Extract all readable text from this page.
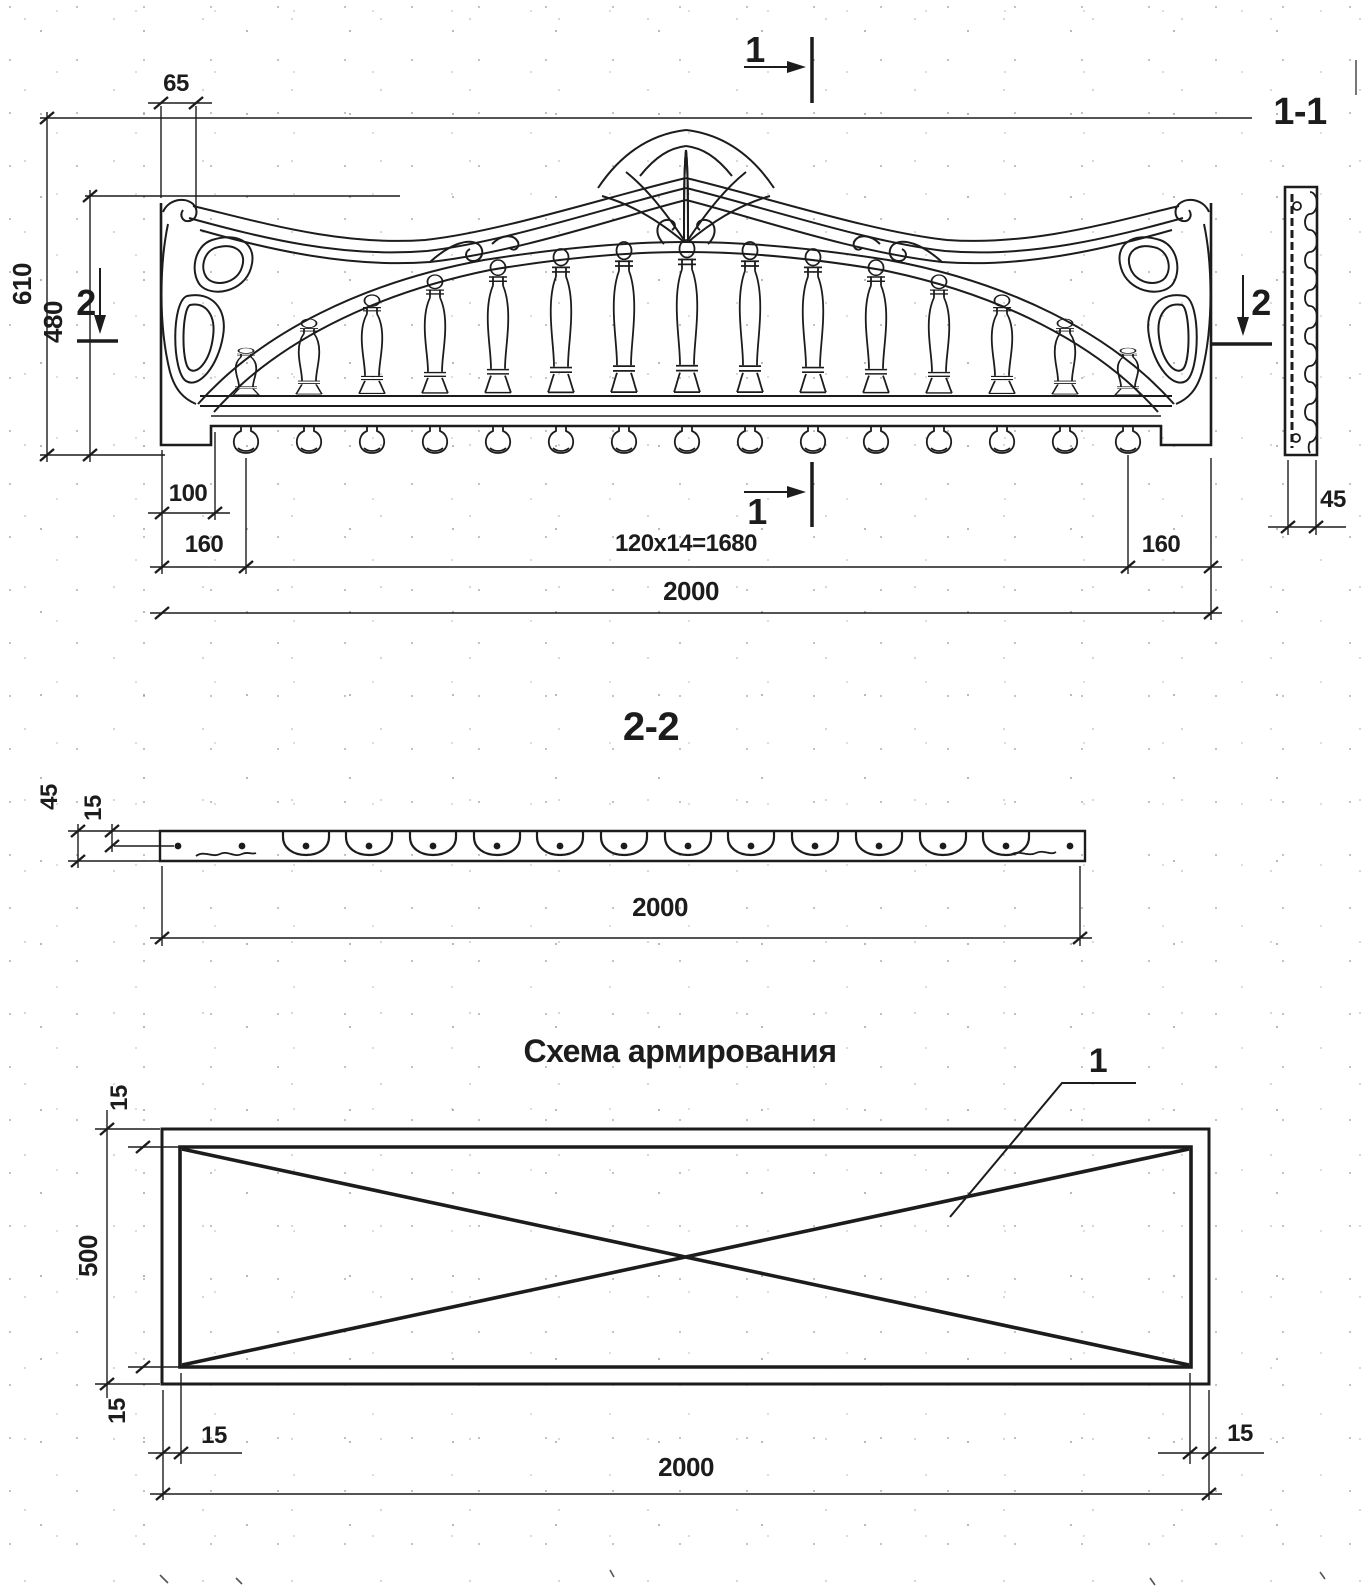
65
1
1-1
610
480 2	2
100
160	120x14=1680	160
45
1
2000
2-2
45 15
2000
Схема армирования	1
15
500
15
15	15
2000
